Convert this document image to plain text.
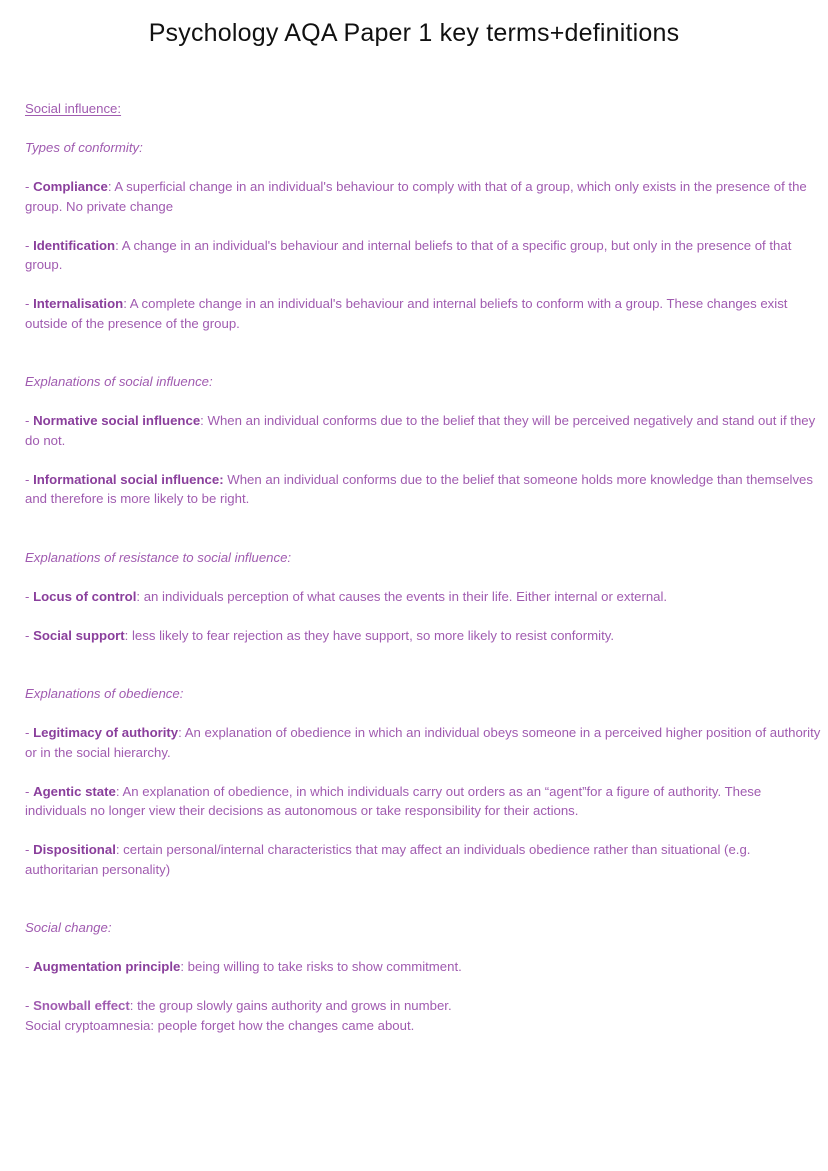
Psychology AQA Paper 1 key terms+definitions

Social influence:

Types of conformity:

- Compliance: A superficial change in an individual's behaviour to comply with that of a group, which only exists in the presence of the group. No private change

- Identification: A change in an individual's behaviour and internal beliefs to that of a specific group, but only in the presence of that group.

- Internalisation: A complete change in an individual's behaviour and internal beliefs to conform with a group. These changes exist outside of the presence of the group.

Explanations of social influence:

- Normative social influence: When an individual conforms due to the belief that they will be perceived negatively and stand out if they do not.

- Informational social influence: When an individual conforms due to the belief that someone holds more knowledge than themselves and therefore is more likely to be right.

Explanations of resistance to social influence:

- Locus of control: an individuals perception of what causes the events in their life. Either internal or external.

- Social support: less likely to fear rejection as they have support, so more likely to resist conformity.

Explanations of obedience:

- Legitimacy of authority: An explanation of obedience in which an individual obeys someone in a perceived higher position of authority or in the social hierarchy.

- Agentic state: An explanation of obedience, in which individuals carry out orders as an “agent”for a figure of authority. These individuals no longer view their decisions as autonomous or take responsibility for their actions.

- Dispositional: certain personal/internal characteristics that may affect an individuals obedience rather than situational (e.g. authoritarian personality)

Social change:

- Augmentation principle: being willing to take risks to show commitment.

- Snowball effect: the group slowly gains authority and grows in number.

Social cryptoamnesia: people forget how the changes came about.
